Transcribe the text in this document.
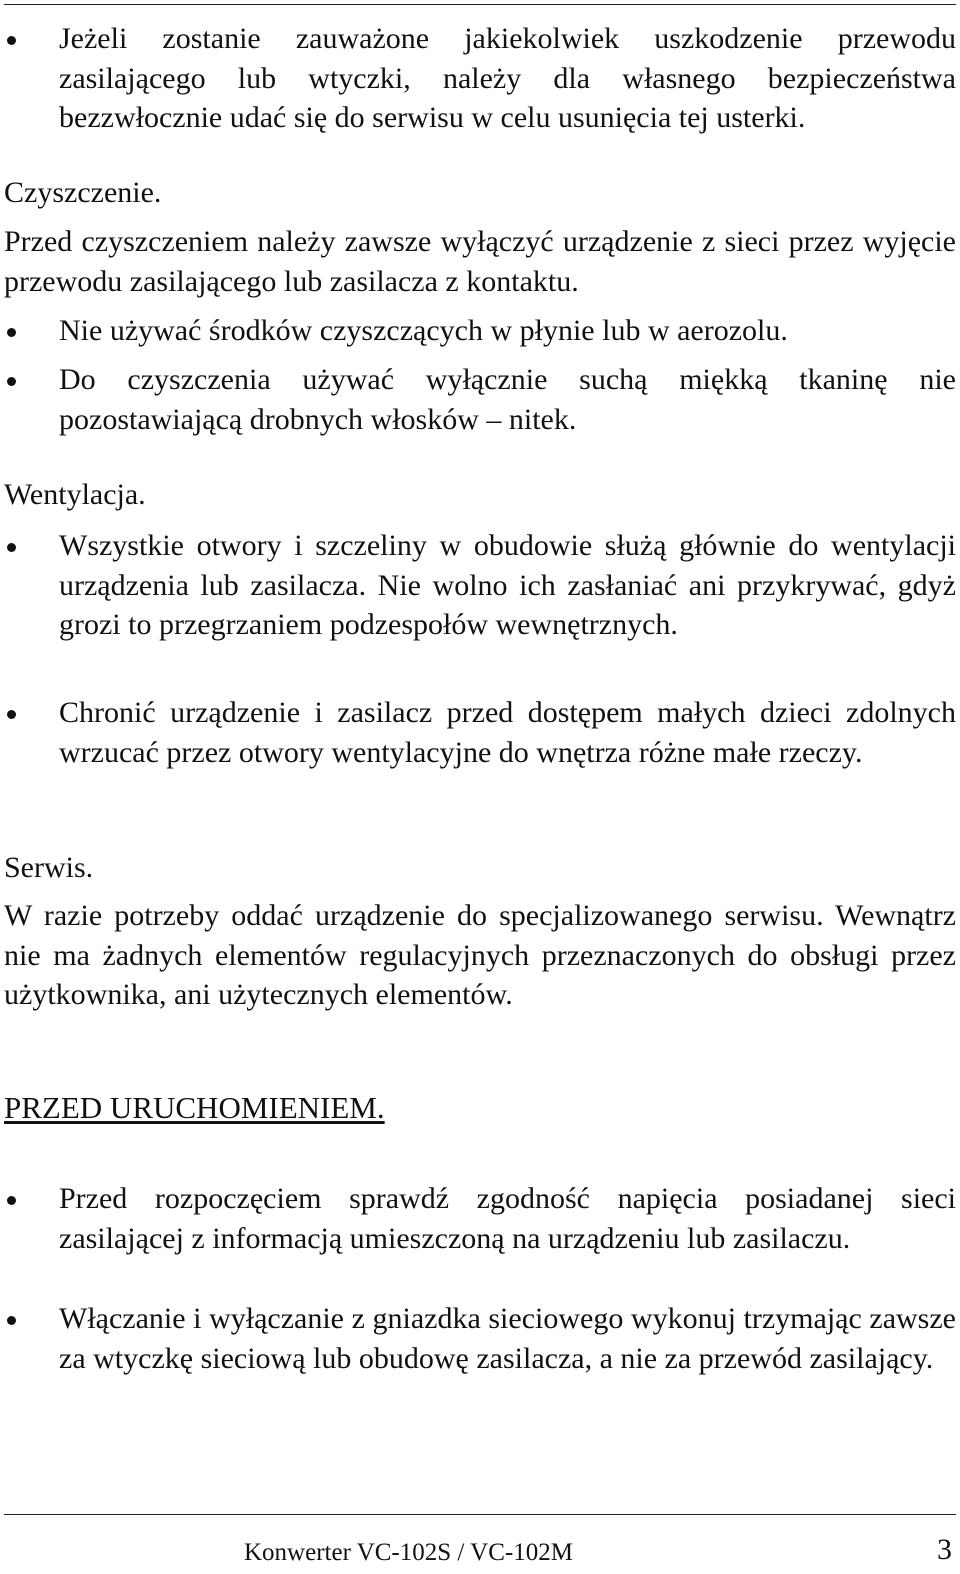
Jeżeli zostanie zauważone jakiekolwiek uszkodzenie przewodu zasilającego lub wtyczki, należy dla własnego bezpieczeństwa bezzwłocznie udać się do serwisu w celu usunięcia tej usterki.

Czyszczenie.

Przed czyszczeniem należy zawsze wyłączyć urządzenie z sieci przez wyjęcie przewodu zasilającego lub zasilacza z kontaktu.

Nie używać środków czyszczących w płynie lub w aerozolu.

Do czyszczenia używać wyłącznie suchą miękką tkaninę nie pozostawiającą drobnych włosków – nitek.

Wentylacja.

Wszystkie otwory i szczeliny w obudowie służą głównie do wentylacji urządzenia lub zasilacza. Nie wolno ich zasłaniać ani przykrywać, gdyż grozi to przegrzaniem podzespołów wewnętrznych.

Chronić urządzenie i zasilacz przed dostępem małych dzieci zdolnych wrzucać przez otwory wentylacyjne do wnętrza różne małe rzeczy.

Serwis.

W razie potrzeby oddać urządzenie do specjalizowanego serwisu. Wewnątrz nie ma żadnych elementów regulacyjnych przeznaczonych do obsługi przez użytkownika, ani użytecznych elementów.

PRZED URUCHOMIENIEM.

Przed rozpoczęciem sprawdź zgodność napięcia posiadanej sieci zasilającej z informacją umieszczoną na urządzeniu lub zasilaczu.

Włączanie i wyłączanie z gniazdka sieciowego wykonuj trzymając zawsze za wtyczkę sieciową lub obudowę zasilacza, a nie za przewód zasilający.

Konwerter VC-102S / VC-102M	3
